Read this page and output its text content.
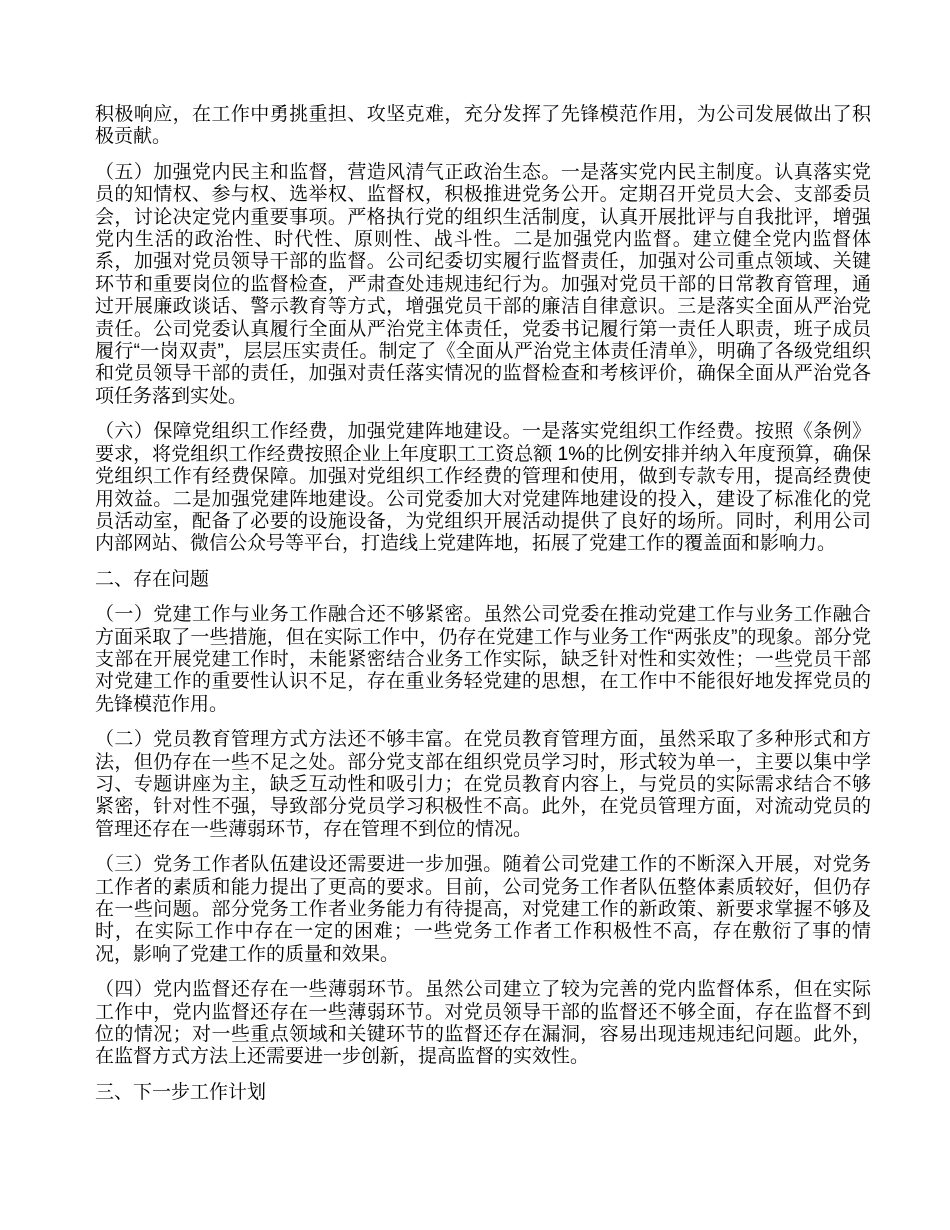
积极响应，在工作中勇挑重担、攻坚克难，充分发挥了先锋模范作用，为公司发展做出了积极贡献。

（五）加强党内民主和监督，营造风清气正政治生态。一是落实党内民主制度。认真落实党员的知情权、参与权、选举权、监督权，积极推进党务公开。定期召开党员大会、支部委员会，讨论决定党内重要事项。严格执行党的组织生活制度，认真开展批评与自我批评，增强党内生活的政治性、时代性、原则性、战斗性。二是加强党内监督。建立健全党内监督体系，加强对党员领导干部的监督。公司纪委切实履行监督责任，加强对公司重点领域、关键环节和重要岗位的监督检查，严肃查处违规违纪行为。加强对党员干部的日常教育管理，通过开展廉政谈话、警示教育等方式，增强党员干部的廉洁自律意识。三是落实全面从严治党责任。公司党委认真履行全面从严治党主体责任，党委书记履行第一责任人职责，班子成员履行“一岗双责”，层层压实责任。制定了《全面从严治党主体责任清单》，明确了各级党组织和党员领导干部的责任，加强对责任落实情况的监督检查和考核评价，确保全面从严治党各项任务落到实处。

（六）保障党组织工作经费，加强党建阵地建设。一是落实党组织工作经费。按照《条例》要求，将党组织工作经费按照企业上年度职工工资总额 1%的比例安排并纳入年度预算，确保党组织工作有经费保障。加强对党组织工作经费的管理和使用，做到专款专用，提高经费使用效益。二是加强党建阵地建设。公司党委加大对党建阵地建设的投入，建设了标准化的党员活动室，配备了必要的设施设备，为党组织开展活动提供了良好的场所。同时，利用公司内部网站、微信公众号等平台，打造线上党建阵地，拓展了党建工作的覆盖面和影响力。

二、存在问题

（一）党建工作与业务工作融合还不够紧密。虽然公司党委在推动党建工作与业务工作融合方面采取了一些措施，但在实际工作中，仍存在党建工作与业务工作“两张皮”的现象。部分党支部在开展党建工作时，未能紧密结合业务工作实际，缺乏针对性和实效性；一些党员干部对党建工作的重要性认识不足，存在重业务轻党建的思想，在工作中不能很好地发挥党员的先锋模范作用。

（二）党员教育管理方式方法还不够丰富。在党员教育管理方面，虽然采取了多种形式和方法，但仍存在一些不足之处。部分党支部在组织党员学习时，形式较为单一，主要以集中学习、专题讲座为主，缺乏互动性和吸引力；在党员教育内容上，与党员的实际需求结合不够紧密，针对性不强，导致部分党员学习积极性不高。此外，在党员管理方面，对流动党员的管理还存在一些薄弱环节，存在管理不到位的情况。

（三）党务工作者队伍建设还需要进一步加强。随着公司党建工作的不断深入开展，对党务工作者的素质和能力提出了更高的要求。目前，公司党务工作者队伍整体素质较好，但仍存在一些问题。部分党务工作者业务能力有待提高，对党建工作的新政策、新要求掌握不够及时，在实际工作中存在一定的困难；一些党务工作者工作积极性不高，存在敷衍了事的情况，影响了党建工作的质量和效果。

（四）党内监督还存在一些薄弱环节。虽然公司建立了较为完善的党内监督体系，但在实际工作中，党内监督还存在一些薄弱环节。对党员领导干部的监督还不够全面，存在监督不到位的情况；对一些重点领域和关键环节的监督还存在漏洞，容易出现违规违纪问题。此外，在监督方式方法上还需要进一步创新，提高监督的实效性。

三、下一步工作计划
